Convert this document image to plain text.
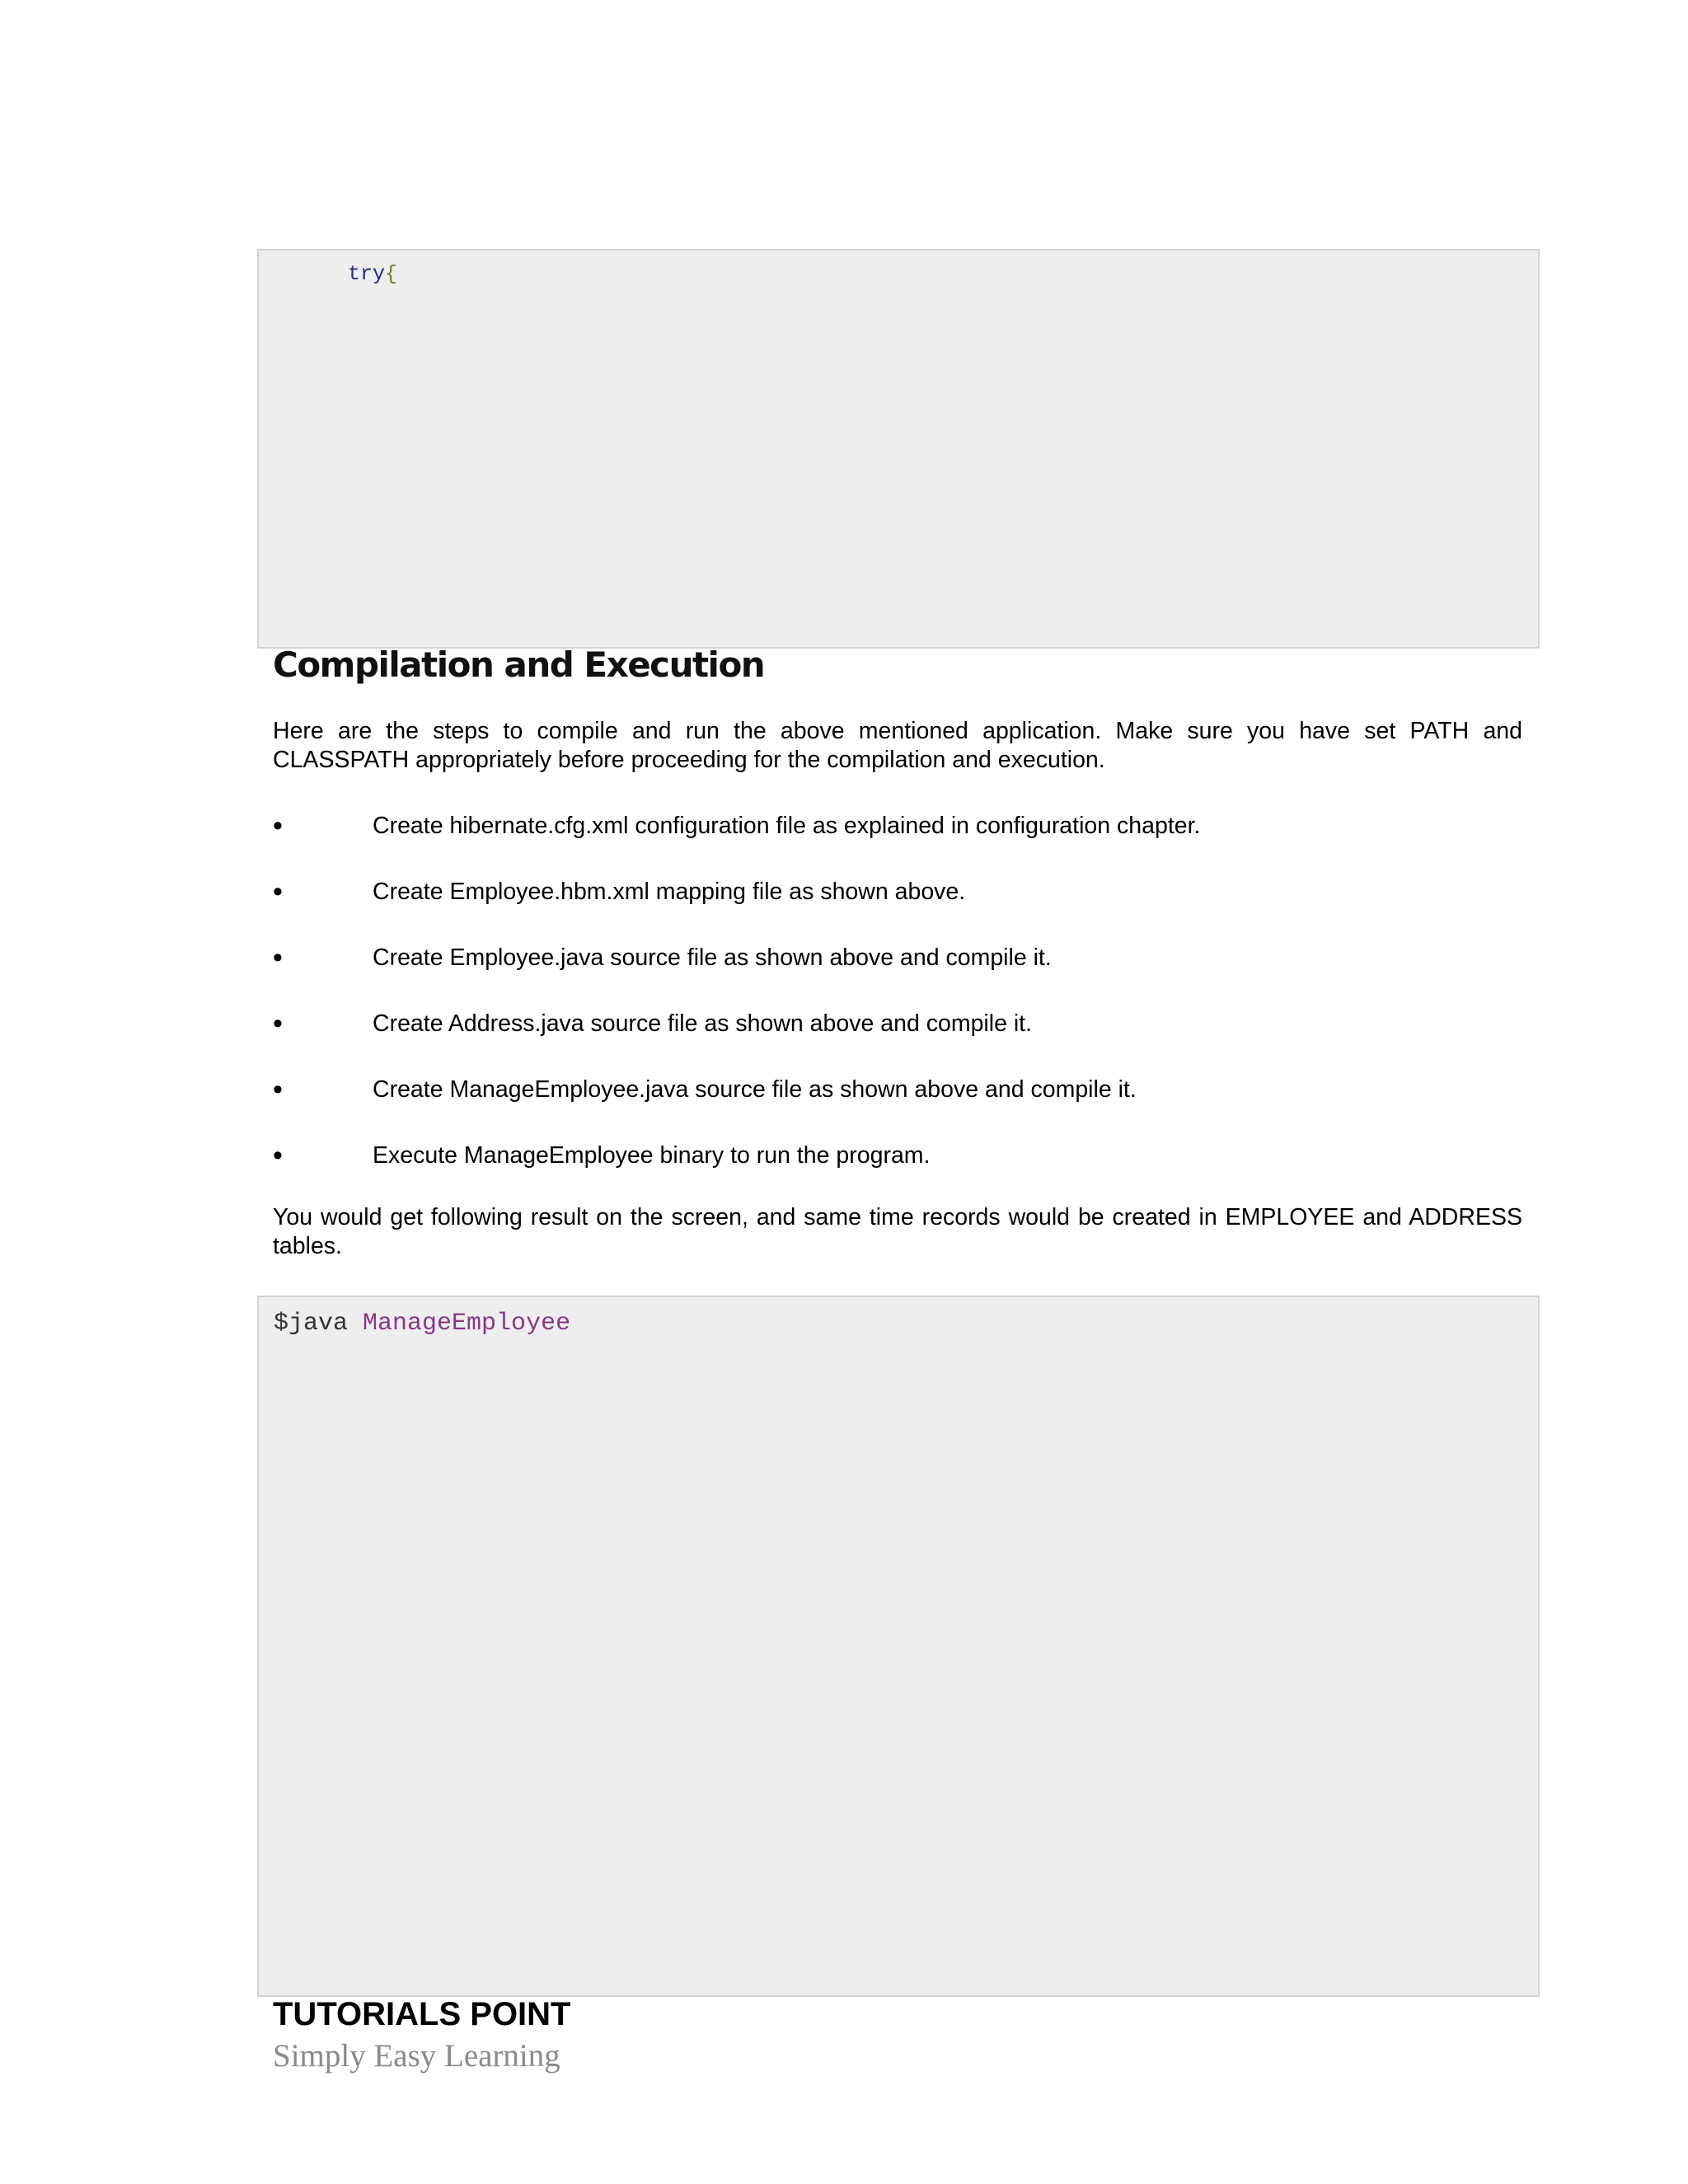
try{

Compilation and Execution

Here are the steps to compile and run the above mentioned application. Make sure you have set PATH and CLASSPATH appropriately before proceeding for the compilation and execution.

•	Create hibernate.cfg.xml configuration file as explained in configuration chapter.
•	Create Employee.hbm.xml mapping file as shown above.
•	Create Employee.java source file as shown above and compile it.
•	Create Address.java source file as shown above and compile it.
•	Create ManageEmployee.java source file as shown above and compile it.
•	Execute ManageEmployee binary to run the program.

You would get following result on the screen, and same time records would be created in EMPLOYEE and ADDRESS tables.

$java ManageEmployee

TUTORIALS POINT
Simply Easy Learning
